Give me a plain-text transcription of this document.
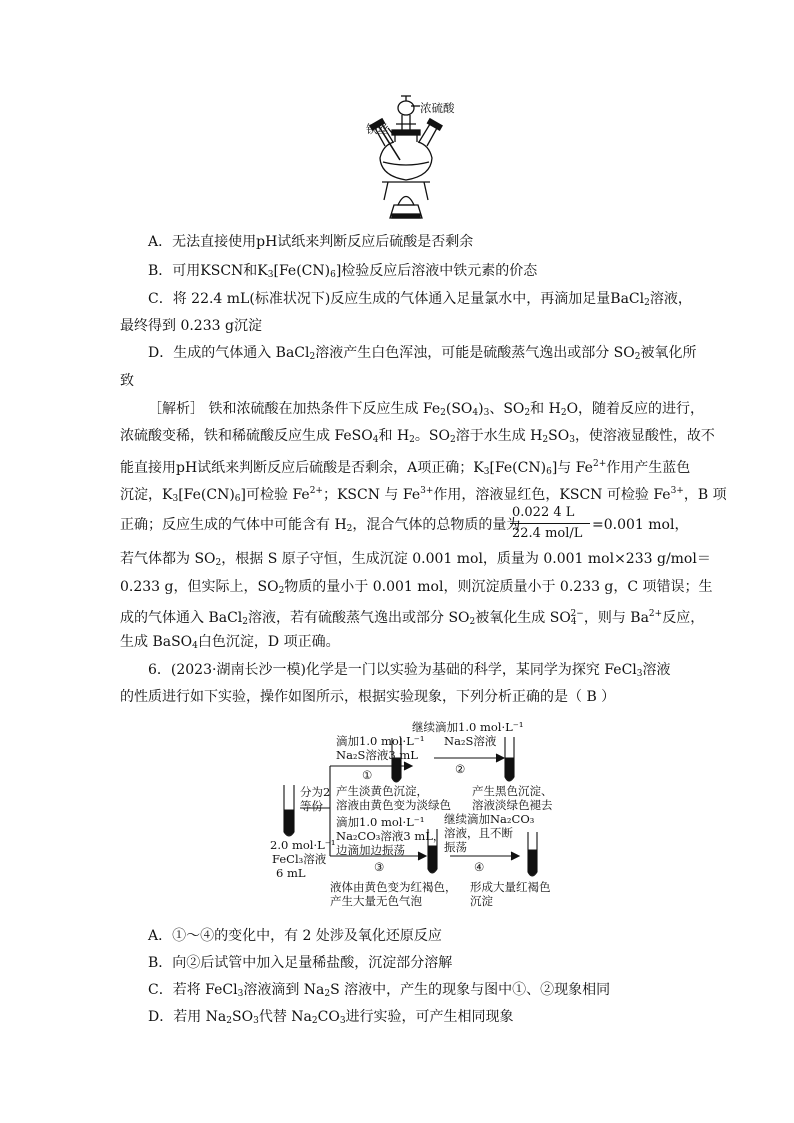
浓硫酸
铁丝
A．无法直接使用pH试纸来判断反应后硫酸是否剩余
B．可用KSCN和K3[Fe(CN)6]检验反应后溶液中铁元素的价态
C．将 22.4 mL(标准状况下)反应生成的气体通入足量氯水中，再滴加足量BaCl2溶液，
最终得到 0.233 g沉淀
D．生成的气体通入 BaCl2溶液产生白色浑浊，可能是硫酸蒸气逸出或部分 SO2被氧化所
致
［解析］ 铁和浓硫酸在加热条件下反应生成 Fe2(SO4)3、SO2和 H2O，随着反应的进行，
浓硫酸变稀，铁和稀硫酸反应生成 FeSO4和 H2。SO2溶于水生成 H2SO3，使溶液显酸性，故不
能直接用pH试纸来判断反应后硫酸是否剩余，A项正确；K3[Fe(CN)6]与 $Fe^{2+}$作用产生蓝色
沉淀，K3[Fe(CN)6]可检验 $Fe^{2+}$；KSCN 与 $Fe^{3+}$作用，溶液显红色，KSCN 可检验 $Fe^{3+}$，B 项
正确；反应生成的气体中可能含有 H2，混合气体的总物质的量为
0.022 4 L
22.4 mol/L
=0.001 mol，
若气体都为 SO2，根据 S 原子守恒，生成沉淀 0.001 mol，质量为 0.001 mol×233 g/mol＝
0.233 g，但实际上，SO2物质的量小于 0.001 mol，则沉淀质量小于 0.233 g，C 项错误；生
成的气体通入 BaCl2溶液，若有硫酸蒸气逸出或部分 SO2被氧化生成 $SO4^{2-}$，则与 $Ba^{2+}$反应，
生成 BaSO4白色沉淀，D 项正确。
6．(2023·湖南长沙一模)化学是一门以实验为基础的科学，某同学为探究 FeCl3溶液
的性质进行如下实验，操作如图所示，根据实验现象，下列分析正确的是（ B ）
2.0 mol·L⁻¹
FeCl₃溶液
6 mL
分为2
等份
滴加1.0 mol·L⁻¹
Na₂S溶液3 mL
①
产生淡黄色沉淀，
溶液由黄色变为淡绿色
继续滴加1.0 mol·L⁻¹
Na₂S溶液
②
产生黑色沉淀、
溶液淡绿色褪去
滴加1.0 mol·L⁻¹
Na₂CO₃溶液3 mL，
边滴加边振荡
③
液体由黄色变为红褐色，
产生大量无色气泡
继续滴加Na₂CO₃
溶液，且不断
振荡
④
形成大量红褐色
沉淀
A．①～④的变化中，有 2 处涉及氧化还原反应
B．向②后试管中加入足量稀盐酸，沉淀部分溶解
C．若将 FeCl3溶液滴到 Na2S 溶液中，产生的现象与图中①、②现象相同
D．若用 Na2SO3代替 Na2CO3进行实验，可产生相同现象
